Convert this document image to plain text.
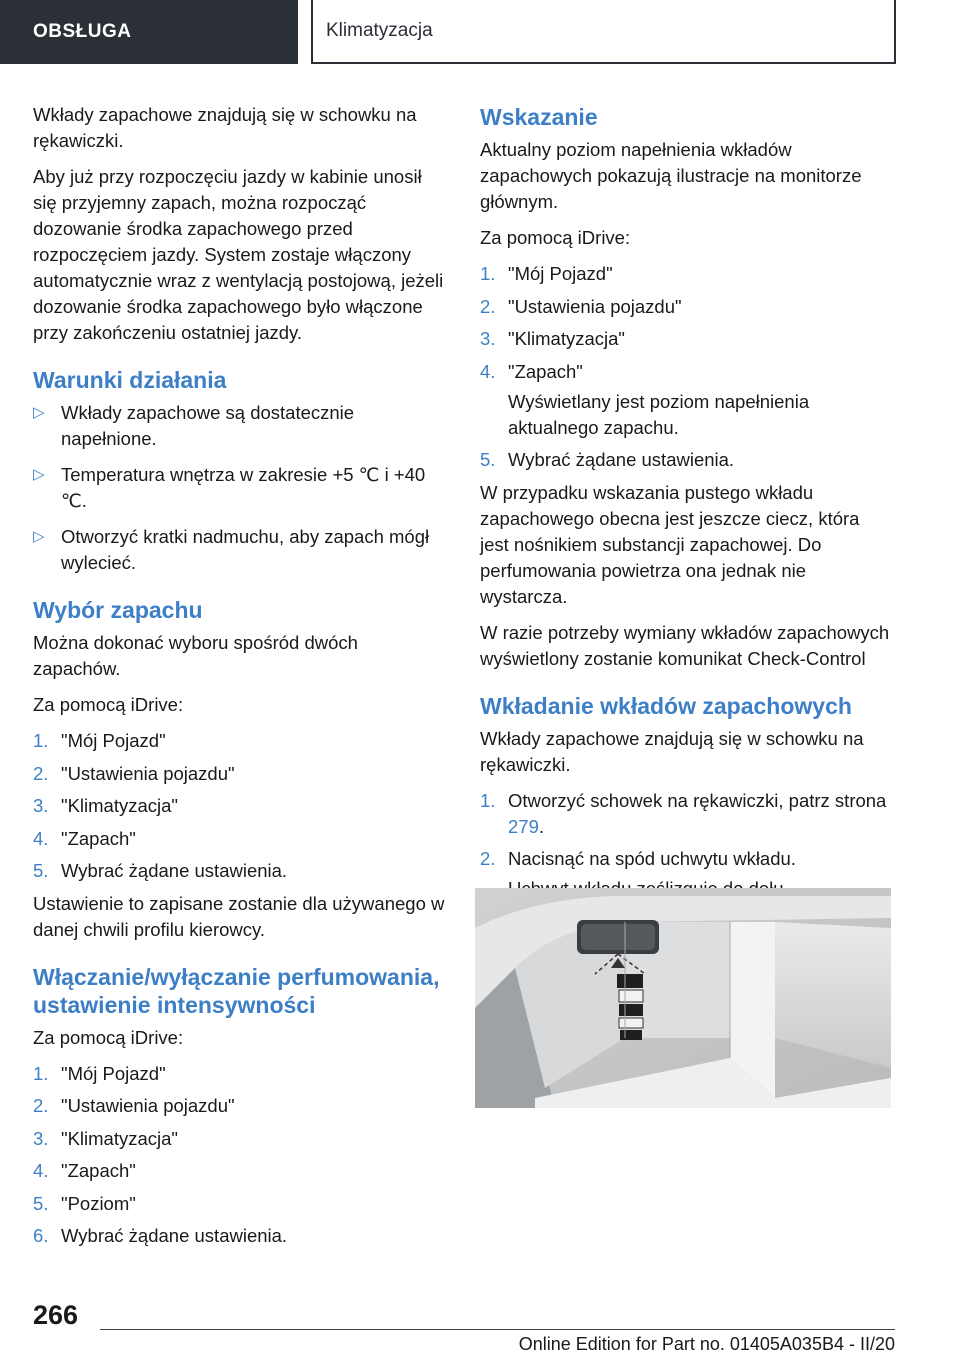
OBSŁUGA	Klimatyzacja

Wkłady zapachowe znajdują się w schowku na rękawiczki.

Aby już przy rozpoczęciu jazdy w kabinie unosił się przyjemny zapach, można rozpocząć dozowanie środka zapachowego przed rozpoczęciem jazdy. System zostaje włączony automatycznie wraz z wentylacją postojową, jeżeli dozowanie środka zapachowego było włączone przy zakończeniu ostatniej jazdy.

Warunki działania
▷ Wkłady zapachowe są dostatecznie napełnione.
▷ Temperatura wnętrza w zakresie +5 ℃ i +40 ℃.
▷ Otworzyć kratki nadmuchu, aby zapach mógł wylecieć.
Wybór zapachu

Można dokonać wyboru spośród dwóch zapachów.

Za pomocą iDrive:

1. "Mój Pojazd"
2. "Ustawienia pojazdu"
3. "Klimatyzacja"
4. "Zapach"
5. Wybrać żądane ustawienia.

Ustawienie to zapisane zostanie dla używanego w danej chwili profilu kierowcy.

Włączanie/wyłączanie perfumowania, ustawienie intensywności

Za pomocą iDrive:

1. "Mój Pojazd"
2. "Ustawienia pojazdu"
3. "Klimatyzacja"
4. "Zapach"
5. "Poziom"
6. Wybrać żądane ustawienia.
Wskazanie

Aktualny poziom napełnienia wkładów zapachowych pokazują ilustracje na monitorze głównym.

Za pomocą iDrive:

1. "Mój Pojazd"
2. "Ustawienia pojazdu"
3. "Klimatyzacja"
4. "Zapach"
Wyświetlany jest poziom napełnienia aktualnego zapachu.
5. Wybrać żądane ustawienia.

W przypadku wskazania pustego wkładu zapachowego obecna jest jeszcze ciecz, która jest nośnikiem substancji zapachowej. Do perfumowania powietrza ona jednak nie wystarcza.

W razie potrzeby wymiany wkładów zapachowych wyświetlony zostanie komunikat Check-Control

Wkładanie wkładów zapachowych

Wkłady zapachowe znajdują się w schowku na rękawiczki.

1. Otworzyć schowek na rękawiczki, patrz strona 279.
2. Nacisnąć na spód uchwytu wkładu.
266
Online Edition for Part no. 01405A035B4 - II/20
